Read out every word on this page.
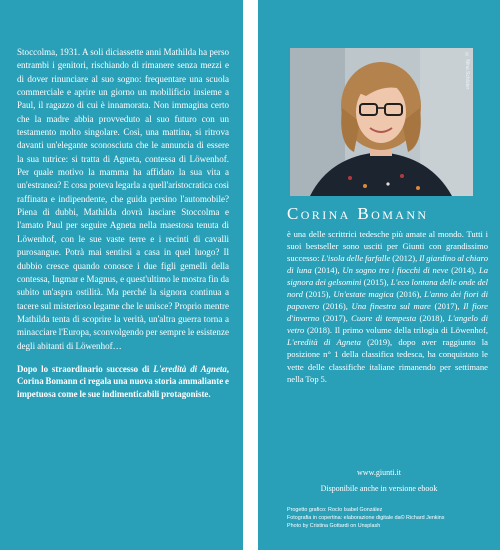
Stoccolma, 1931. A soli diciassette anni Mathilda ha perso entrambi i genitori, rischiando di rimanere senza mezzi e di dover rinunciare al suo sogno: frequentare una scuola commerciale e aprire un giorno un mobilificio insieme a Paul, il ragazzo di cui è innamorata. Non immagina certo che la madre abbia provveduto al suo futuro con un testamento molto singolare. Così, una mattina, si ritrova davanti un'elegante sconosciuta che le annuncia di essere la sua tutrice: si tratta di Agneta, contessa di Löwenhof. Per quale motivo la mamma ha affidato la sua vita a un'estranea? E cosa poteva legarla a quell'aristocratica così raffinata e indipendente, che guida persino l'automobile? Piena di dubbi, Mathilda dovrà lasciare Stoccolma e l'amato Paul per seguire Agneta nella maestosa tenuta di Löwenhof, con le sue vaste terre e i recinti di cavalli purosangue. Potrà mai sentirsi a casa in quel luogo? Il dubbio cresce quando conosce i due figli gemelli della contessa, Ingmar e Magnus, e quest'ultimo le mostra fin da subito un'aspra ostilità. Ma perché la signora continua a tacere sul misterioso legame che le unisce? Proprio mentre Mathilda tenta di scoprire la verità, un'altra guerra torna a minacciare l'Europa, sconvolgendo per sempre le esistenze degli abitanti di Löwenhof…

Dopo lo straordinario successo di L'eredità di Agneta, Corina Bomann ci regala una nuova storia ammaliante e impetuosa come le sue indimenticabili protagoniste.

© Nina Schlüter
Corina Bomann

è una delle scrittrici tedesche più amate al mondo. Tutti i suoi bestseller sono usciti per Giunti con grandissimo successo: L'isola delle farfalle (2012), Il giardino al chiaro di luna (2014), Un sogno tra i fiocchi di neve (2014), La signora dei gelsomini (2015), L'eco lontana delle onde del nord (2015), Un'estate magica (2016), L'anno dei fiori di papavero (2016), Una finestra sul mare (2017), Il fiore d'inverno (2017), Cuore di tempesta (2018), L'angelo di vetro (2018). Il primo volume della trilogia di Löwenhof, L'eredità di Agneta (2019), dopo aver raggiunto la posizione n° 1 della classifica tedesca, ha conquistato le vette delle classifiche italiane rimanendo per settimane nella Top 5.

www.giunti.it
Disponibile anche in versione ebook
Progetto grafico: Rocío Isabel González
Fotografia in copertina: elaborazione digitale da© Richard Jenkins
Photo by Cristina Gottardi on Unsplash
